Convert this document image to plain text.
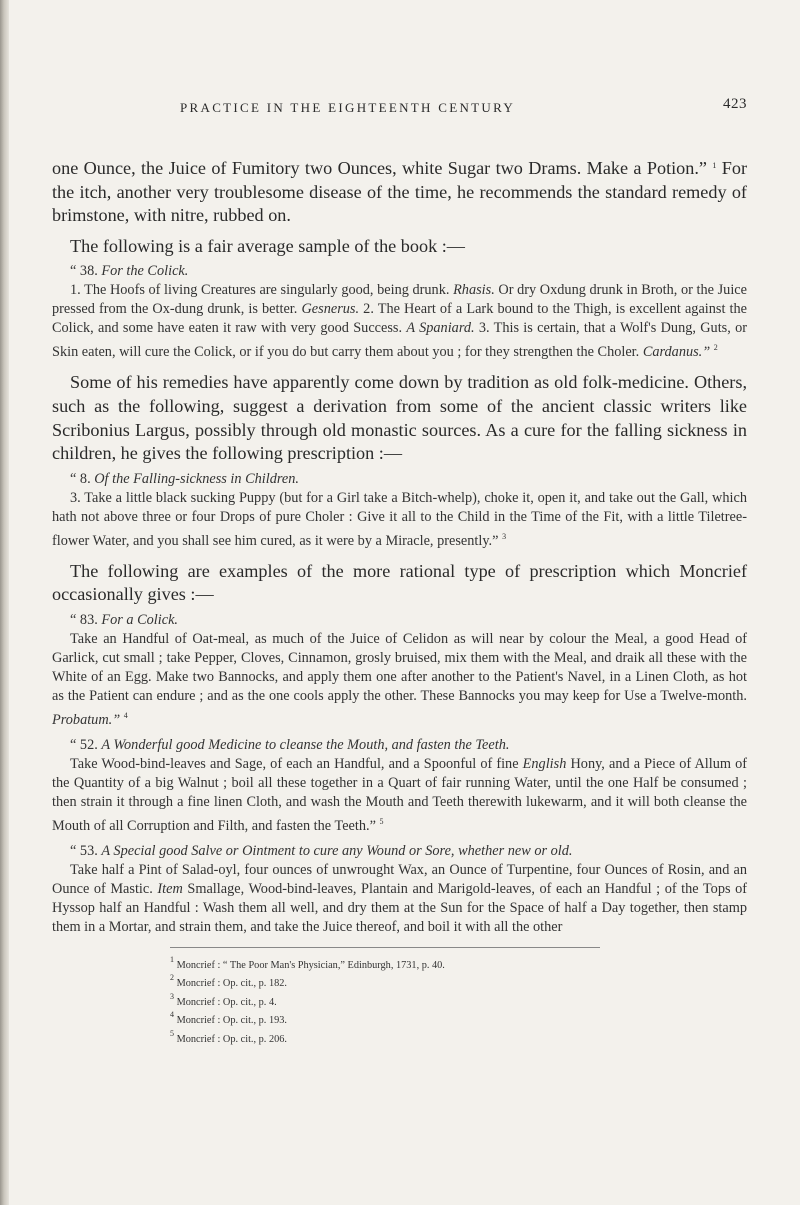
PRACTICE IN THE EIGHTEENTH CENTURY	423

one Ounce, the Juice of Fumitory two Ounces, white Sugar two Drams. Make a Potion.” $^1$ For the itch, another very troublesome disease of the time, he recommends the standard remedy of brimstone, with nitre, rubbed on.

The following is a fair average sample of the book :—

“ 38. For the Colick.

1. The Hoofs of living Creatures are singularly good, being drunk. Rhasis. Or dry Oxdung drunk in Broth, or the Juice pressed from the Ox-dung drunk, is better. Gesnerus. 2. The Heart of a Lark bound to the Thigh, is excellent against the Colick, and some have eaten it raw with very good Success. A Spaniard. 3. This is certain, that a Wolf's Dung, Guts, or Skin eaten, will cure the Colick, or if you do but carry them about you ; for they strengthen the Choler. Cardanus.” $^2$

Some of his remedies have apparently come down by tradition as old folk-medicine. Others, such as the following, suggest a derivation from some of the ancient classic writers like Scribonius Largus, possibly through old monastic sources. As a cure for the falling sickness in children, he gives the following prescription :—

“ 8. Of the Falling-sickness in Children.

3. Take a little black sucking Puppy (but for a Girl take a Bitch-whelp), choke it, open it, and take out the Gall, which hath not above three or four Drops of pure Choler : Give it all to the Child in the Time of the Fit, with a little Tiletree-flower Water, and you shall see him cured, as it were by a Miracle, presently.” $^3$

The following are examples of the more rational type of prescription which Moncrief occasionally gives :—

“ 83. For a Colick.

Take an Handful of Oat-meal, as much of the Juice of Celidon as will near by colour the Meal, a good Head of Garlick, cut small ; take Pepper, Cloves, Cinnamon, grosly bruised, mix them with the Meal, and draik all these with the White of an Egg. Make two Bannocks, and apply them one after another to the Patient's Navel, in a Linen Cloth, as hot as the Patient can endure ; and as the one cools apply the other. These Bannocks you may keep for Use a Twelve-month. Probatum.” $^4$

“ 52. A Wonderful good Medicine to cleanse the Mouth, and fasten the Teeth.

Take Wood-bind-leaves and Sage, of each an Handful, and a Spoonful of fine English Hony, and a Piece of Allum of the Quantity of a big Walnut ; boil all these together in a Quart of fair running Water, until the one Half be consumed ; then strain it through a fine linen Cloth, and wash the Mouth and Teeth therewith lukewarm, and it will both cleanse the Mouth of all Corruption and Filth, and fasten the Teeth.” $^5$

“ 53. A Special good Salve or Ointment to cure any Wound or Sore, whether new or old.

Take half a Pint of Salad-oyl, four ounces of unwrought Wax, an Ounce of Turpentine, four Ounces of Rosin, and an Ounce of Mastic. Item Smallage, Wood-bind-leaves, Plantain and Marigold-leaves, of each an Handful ; of the Tops of Hyssop half an Handful : Wash them all well, and dry them at the Sun for the Space of half a Day together, then stamp them in a Mortar, and strain them, and take the Juice thereof, and boil it with all the other

$^1$ Moncrief : “ The Poor Man's Physician,” Edinburgh, 1731, p. 40.
$^2$ Moncrief : Op. cit., p. 182.
$^3$ Moncrief : Op. cit., p. 4.
$^4$ Moncrief : Op. cit., p. 193.
$^5$ Moncrief : Op. cit., p. 206.
